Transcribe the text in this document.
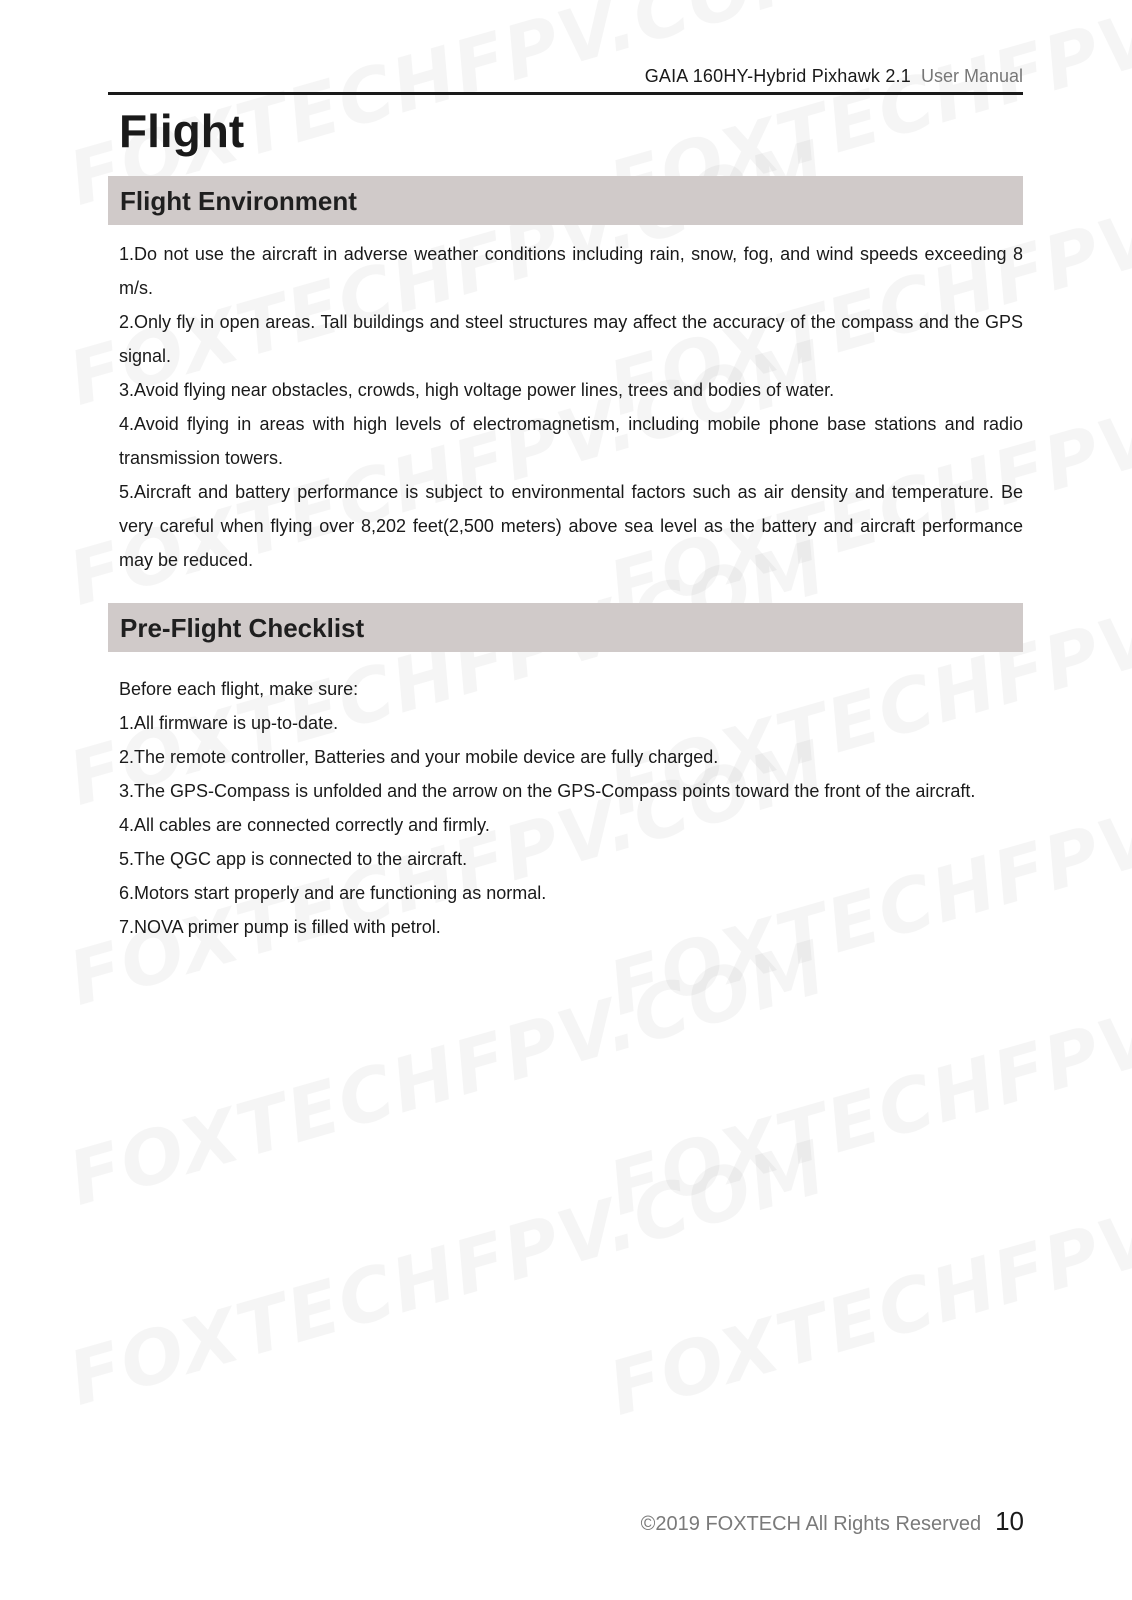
GAIA 160HY-Hybrid Pixhawk 2.1 User Manual
Flight
Flight Environment

1.Do not use the aircraft in adverse weather conditions including rain, snow, fog, and wind speeds exceeding 8 m/s.

2.Only fly in open areas. Tall buildings and steel structures may affect the accuracy of the compass and the GPS signal.

3.Avoid flying near obstacles, crowds, high voltage power lines, trees and bodies of water.

4.Avoid flying in areas with high levels of electromagnetism, including mobile phone base stations and radio transmission towers.

5.Aircraft and battery performance is subject to environmental factors such as air density and temperature. Be very careful when flying over 8,202 feet(2,500 meters) above sea level as the battery and aircraft performance may be reduced.

Pre-Flight Checklist

Before each flight, make sure:

1.All firmware is up-to-date.

2.The remote controller, Batteries and your mobile device are fully charged.

3.The GPS-Compass is unfolded and the arrow on the GPS-Compass points toward the front of the aircraft.

4.All cables are connected correctly and firmly.

5.The QGC app is connected to the aircraft.

6.Motors start properly and are functioning as normal.

7.NOVA primer pump is filled with petrol.

©2019 FOXTECH All Rights Reserved 10
